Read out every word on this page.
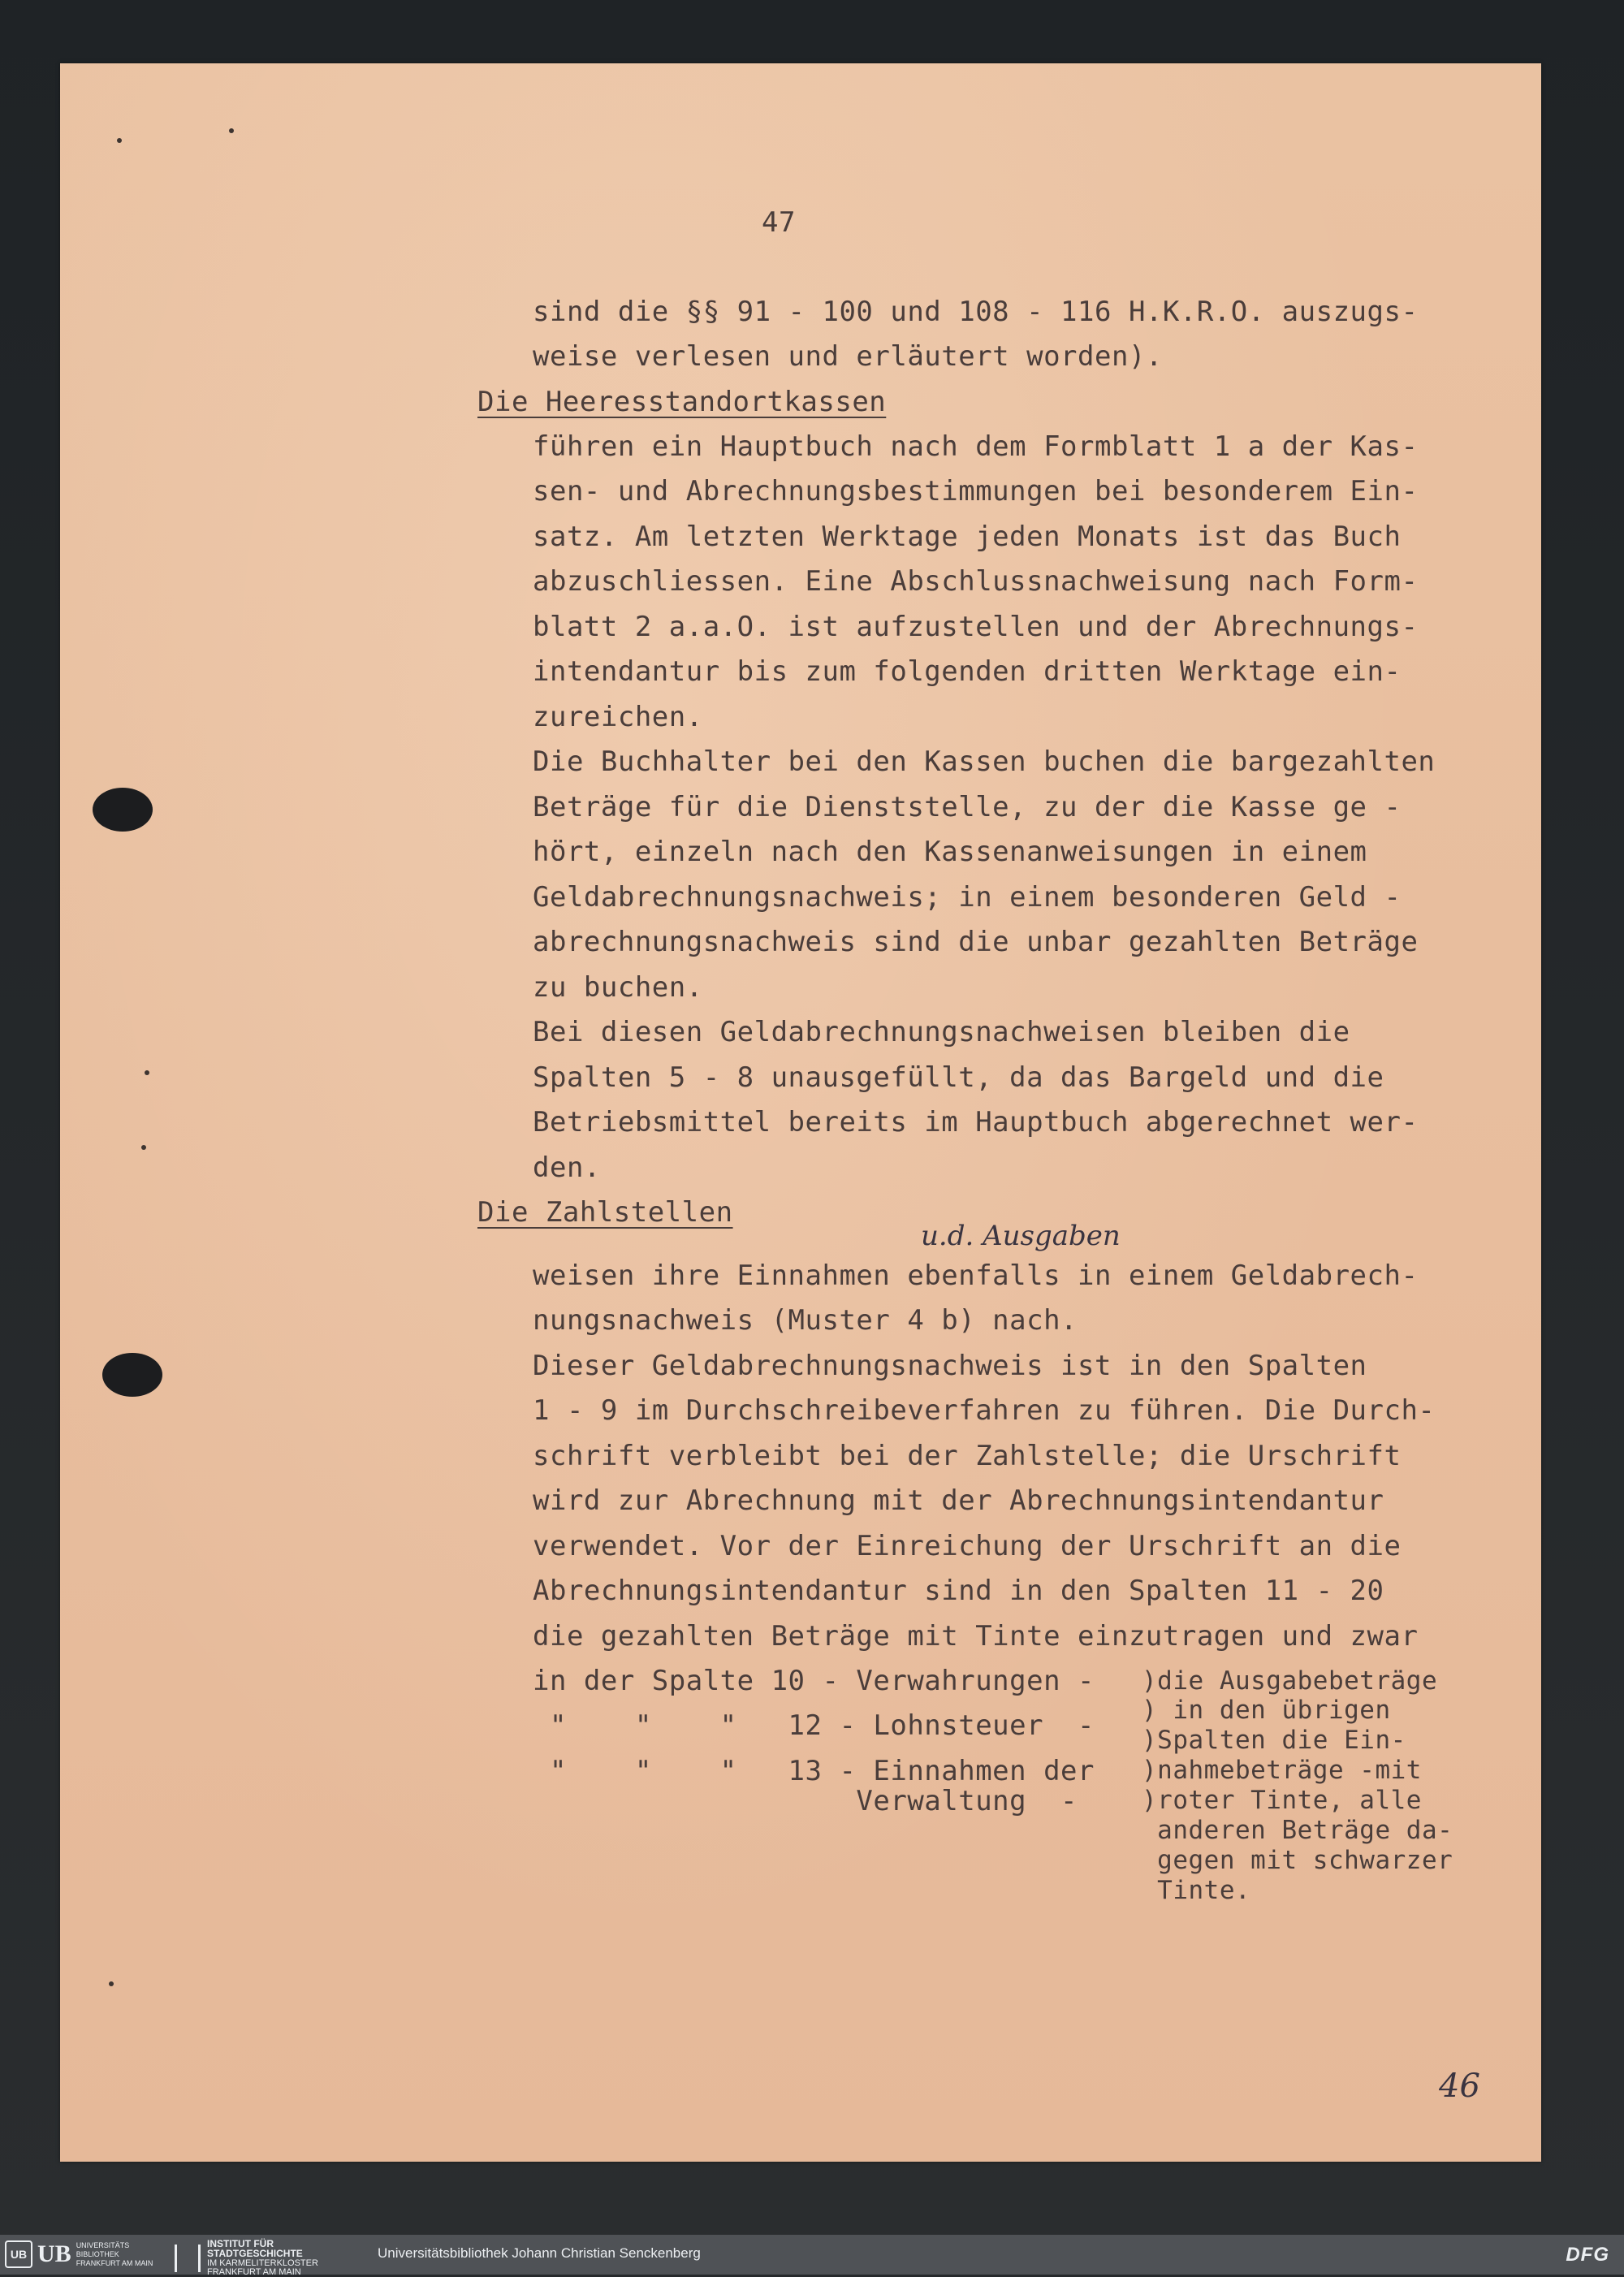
47
sind die §§ 91 - 100 und 108 - 116 H.K.R.O. auszugs-
weise verlesen und erläutert worden).
Die Heeresstandortkassen
führen ein Hauptbuch nach dem Formblatt 1 a der Kas-
sen- und Abrechnungsbestimmungen bei besonderem Ein-
satz. Am letzten Werktage jeden Monats ist das Buch
abzuschliessen. Eine Abschlussnachweisung nach Form-
blatt 2 a.a.O. ist aufzustellen und der Abrechnungs-
intendantur bis zum folgenden dritten Werktage ein-
zureichen.
Die Buchhalter bei den Kassen buchen die bargezahlten
Beträge für die Dienststelle, zu der die Kasse ge -
hört, einzeln nach den Kassenanweisungen in einem
Geldabrechnungsnachweis; in einem besonderen Geld -
abrechnungsnachweis sind die unbar gezahlten Beträge
zu buchen.
Bei diesen Geldabrechnungsnachweisen bleiben die
Spalten 5 - 8 unausgefüllt, da das Bargeld und die
Betriebsmittel bereits im Hauptbuch abgerechnet wer-
den.
Die Zahlstellen
u.d. Ausgaben
weisen ihre Einnahmen ebenfalls in einem Geldabrech-
nungsnachweis (Muster 4 b) nach.
Dieser Geldabrechnungsnachweis ist in den Spalten
1 - 9 im Durchschreibeverfahren zu führen. Die Durch-
schrift verbleibt bei der Zahlstelle; die Urschrift
wird zur Abrechnung mit der Abrechnungsintendantur
verwendet. Vor der Einreichung der Urschrift an die
Abrechnungsintendantur sind in den Spalten 11 - 20
die gezahlten Beträge mit Tinte einzutragen und zwar
in der Spalte 10 - Verwahrungen -
"    "    "   12 - Lohnsteuer  -
"    "    "   13 - Einnahmen der
Verwaltung  -
)die Ausgabebeträge
) in den übrigen
)Spalten die Ein-
)nahmebeträge -mit
)roter Tinte, alle
anderen Beträge da-
gegen mit schwarzer
Tinte.
46
UB UB UNIVERSITÄTS
BIBLIOTHEK
FRANKFURT AM MAIN
INSTITUT FÜR
STADTGESCHICHTE
IM KARMELITERKLOSTER
FRANKFURT AM MAIN
Universitätsbibliothek Johann Christian Senckenberg	DFG
